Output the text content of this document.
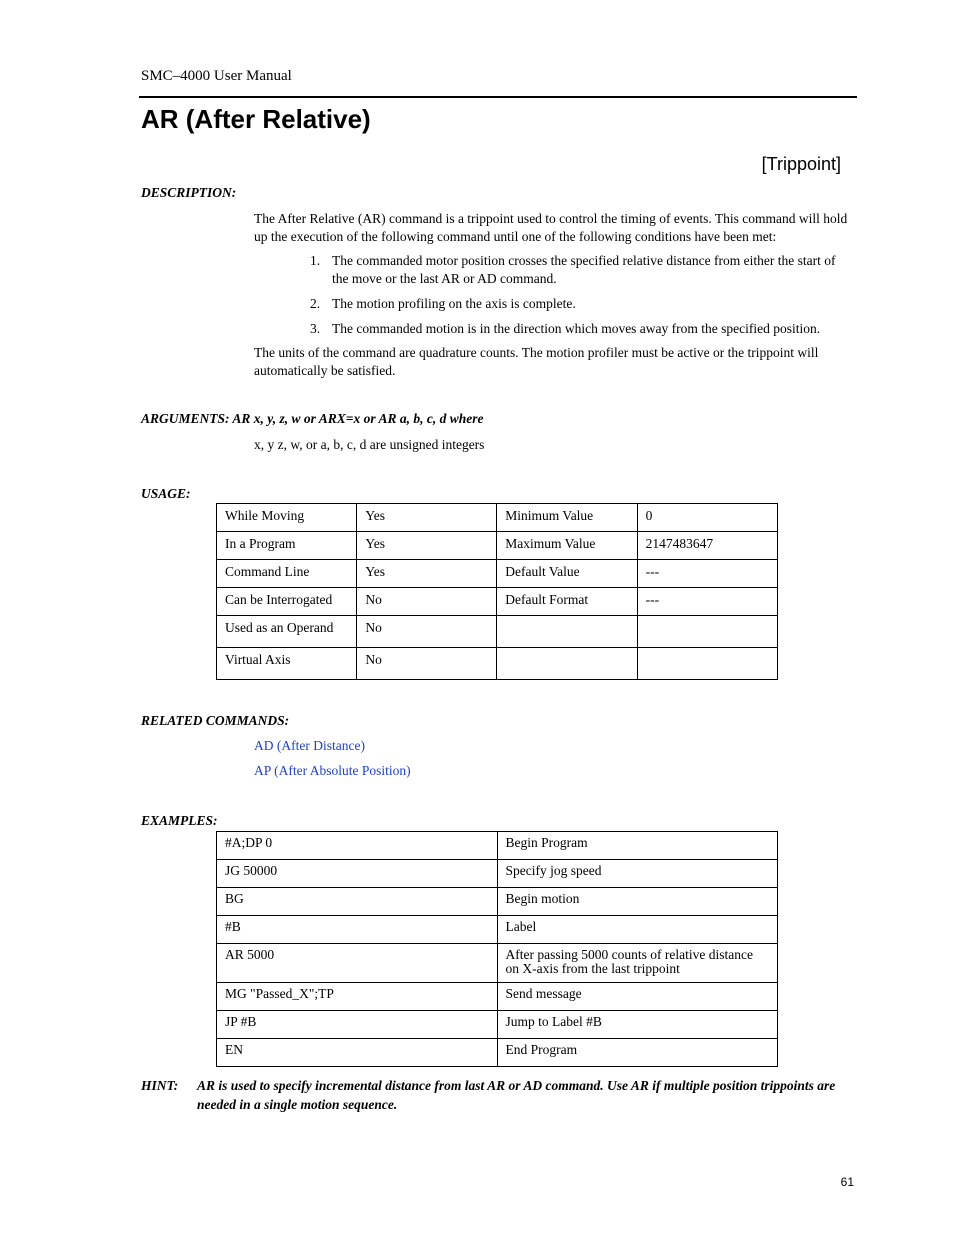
SMC–4000 User Manual
AR (After Relative)
[Trippoint]
DESCRIPTION:
The After Relative (AR) command is a trippoint used to control the timing of events. This command will hold up the execution of the following command until one of the following conditions have been met:
1. The commanded motor position crosses the specified relative distance from either the start of the move or the last AR or AD command.
2. The motion profiling on the axis is complete.
3. The commanded motion is in the direction which moves away from the specified position.
The units of the command are quadrature counts. The motion profiler must be active or the trippoint will automatically be satisfied.
ARGUMENTS: AR x, y, z, w or ARX=x or AR a, b, c, d where
x, y z, w, or a, b, c, d are unsigned integers
USAGE:
While Moving	Yes	Minimum Value	0
In a Program	Yes	Maximum Value	2147483647
Command Line	Yes	Default Value	---
Can be Interrogated	No	Default Format	---
Used as an Operand	No		
Virtual Axis	No		
RELATED COMMANDS:
AD (After Distance)
AP (After Absolute Position)
EXAMPLES:
#A;DP 0	Begin Program
JG 50000	Specify jog speed
BG	Begin motion
#B	Label
AR 5000	After passing 5000 counts of relative distance on X-axis from the last trippoint
MG "Passed_X";TP	Send message
JP #B	Jump to Label #B
EN	End Program
HINT: AR is used to specify incremental distance from last AR or AD command. Use AR if multiple position trippoints are needed in a single motion sequence.
61
